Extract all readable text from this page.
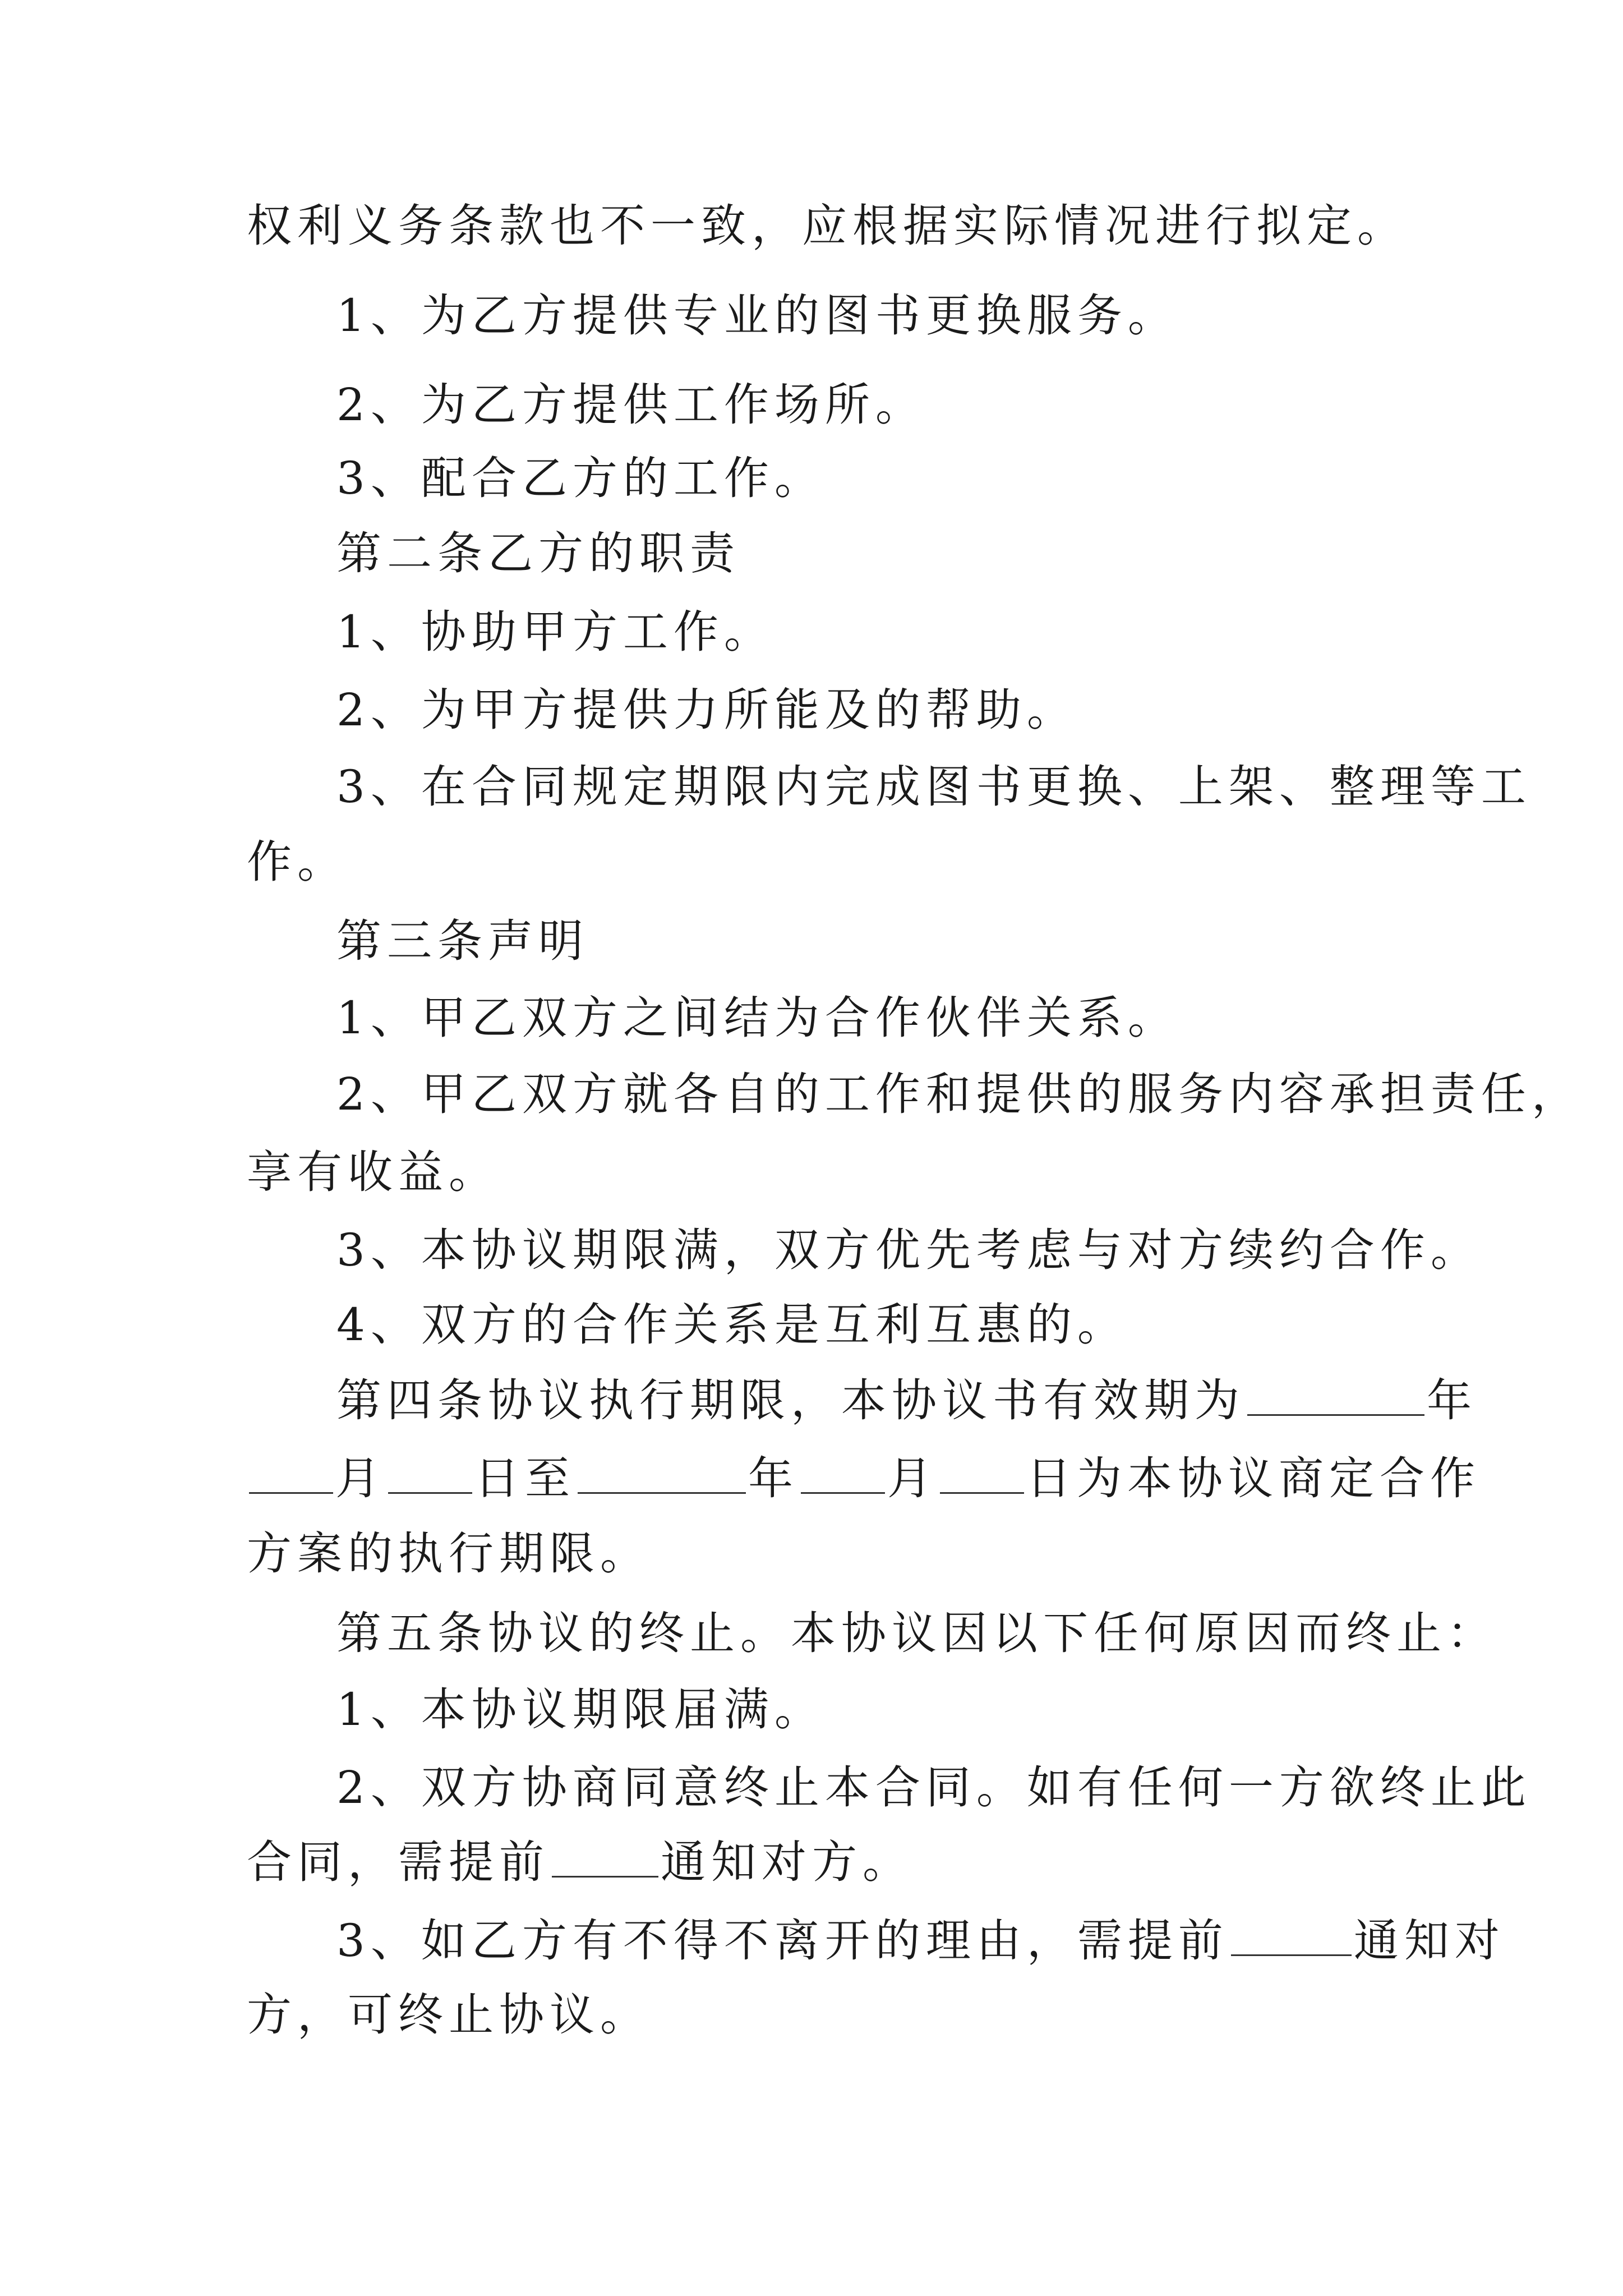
权利义务条款也不一致，应根据实际情况进行拟定。

1、为乙方提供专业的图书更换服务。

2、为乙方提供工作场所。

3、配合乙方的工作。

第二条乙方的职责

1、协助甲方工作。

2、为甲方提供力所能及的帮助。

3、在合同规定期限内完成图书更换、上架、整理等工

作。

第三条声明

1、甲乙双方之间结为合作伙伴关系。

2、甲乙双方就各自的工作和提供的服务内容承担责任，

享有收益。

3、本协议期限满，双方优先考虑与对方续约合作。

4、双方的合作关系是互利互惠的。

第四条协议执行期限，本协议书有效期为	年

月 日至	年 月 日为本协议商定合作

方案的执行期限。

第五条协议的终止。本协议因以下任何原因而终止：

1、本协议期限届满。

2、双方协商同意终止本合同。如有任何一方欲终止此

合同，需提前 通知对方。

3、如乙方有不得不离开的理由，需提前	通知对

方，可终止协议。
